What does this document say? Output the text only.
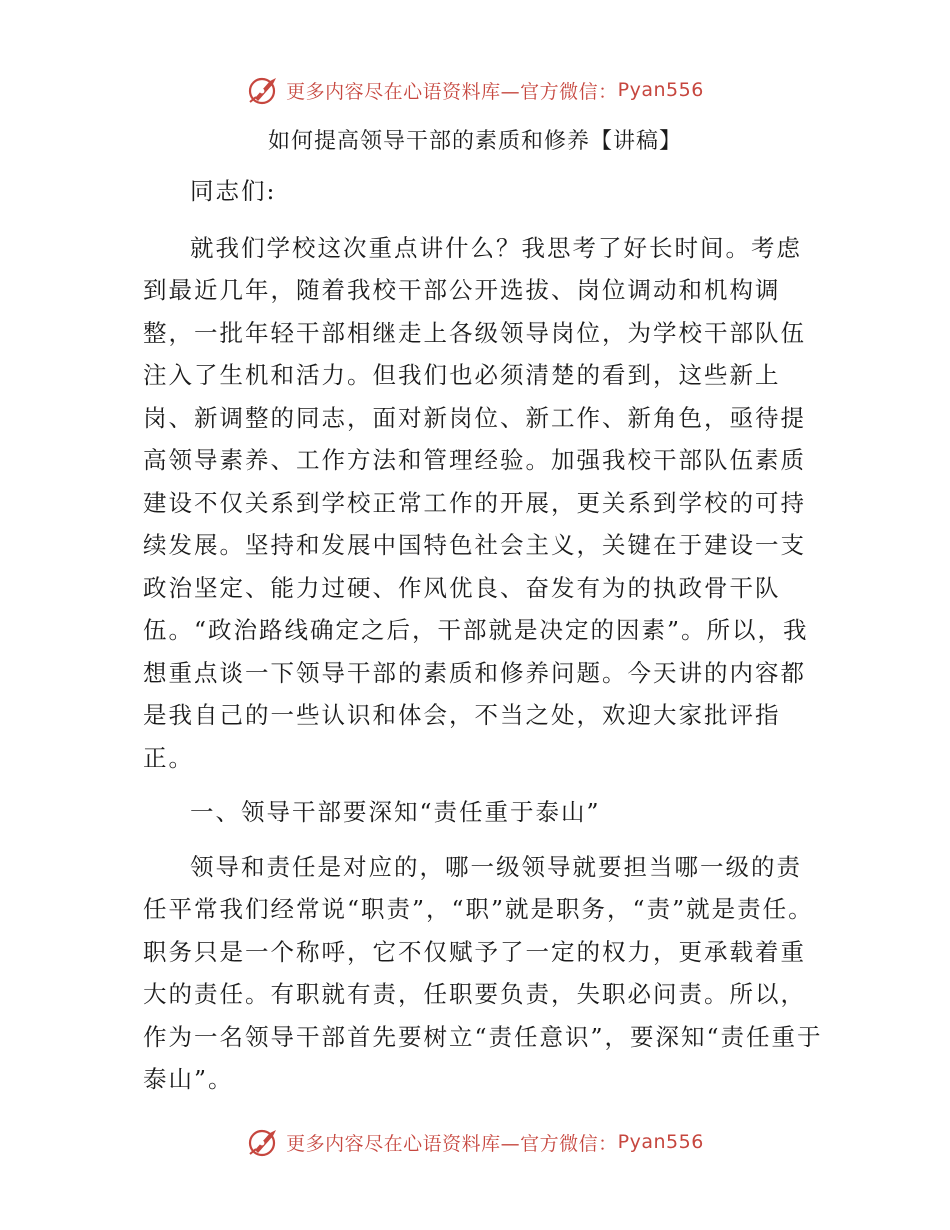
更多内容尽在心语资料库—官方微信： Pyan556
如何提高领导干部的素质和修养【讲稿】

同志们:

就我们学校这次重点讲什么？我思考了好长时间。考虑到最近几年，随着我校干部公开选拔、岗位调动和机构调整，一批年轻干部相继走上各级领导岗位，为学校干部队伍注入了生机和活力。但我们也必须清楚的看到，这些新上岗、新调整的同志，面对新岗位、新工作、新角色，亟待提高领导素养、工作方法和管理经验。加强我校干部队伍素质建设不仅关系到学校正常工作的开展，更关系到学校的可持续发展。坚持和发展中国特色社会主义，关键在于建设一支政治坚定、能力过硬、作风优良、奋发有为的执政骨干队伍。“政治路线确定之后，干部就是决定的因素”。所以，我想重点谈一下领导干部的素质和修养问题。今天讲的内容都是我自己的一些认识和体会，不当之处，欢迎大家批评指正。

一、领导干部要深知“责任重于泰山”

领导和责任是对应的，哪一级领导就要担当哪一级的责任平常我们经常说“职责”，“职”就是职务，“责”就是责任。职务只是一个称呼，它不仅赋予了一定的权力，更承载着重大的责任。有职就有责，任职要负责，失职必问责。所以，作为一名领导干部首先要树立“责任意识”，要深知“责任重于泰山”。

更多内容尽在心语资料库—官方微信： Pyan556
